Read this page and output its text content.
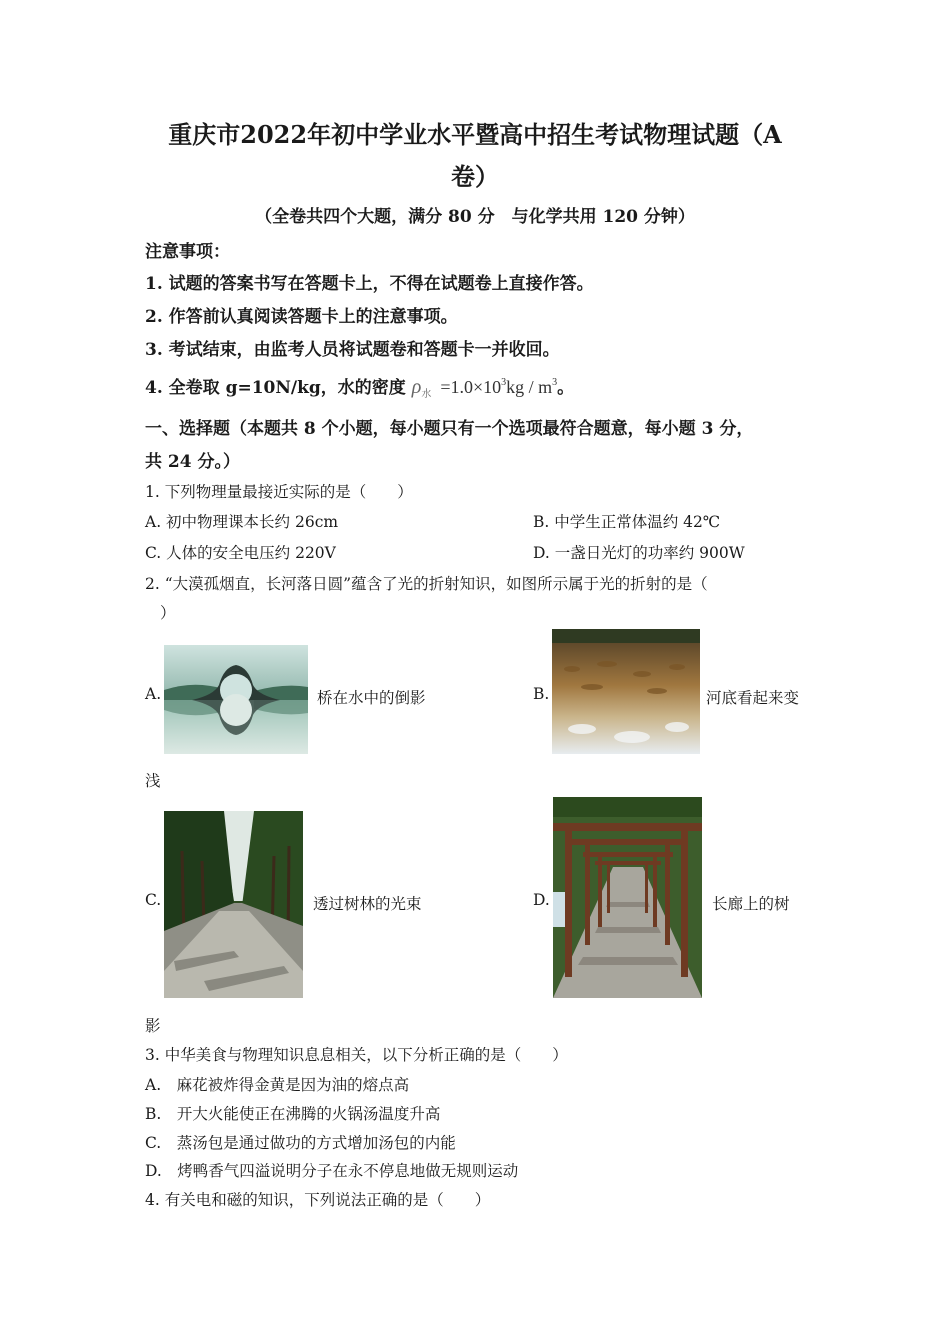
重庆市2022年初中学业水平暨高中招生考试物理试题（A
卷）
（全卷共四个大题，满分 80 分　与化学共用 120 分钟）
注意事项：
1. 试题的答案书写在答题卡上，不得在试题卷上直接作答。
2. 作答前认真阅读答题卡上的注意事项。
3. 考试结束，由监考人员将试题卷和答题卡一并收回。
4. 全卷取 g=10N/kg，水的密度 $\rho_水 =1.0\times 10^3kg / m^3$。
一、选择题（本题共 8 个小题，每小题只有一个选项最符合题意，每小题 3 分，
共 24 分。）
1. 下列物理量最接近实际的是（　　）
A. 初中物理课本长约 26cm	B. 中学生正常体温约 42℃
C. 人体的安全电压约 220V	D. 一盏日光灯的功率约 900W
2. “大漠孤烟直，长河落日圆”蕴含了光的折射知识，如图所示属于光的折射的是（
）
A.	桥在水中的倒影	B.	河底看起来变
浅
C.	透过树林的光束	D.	长廊上的树
影
3. 中华美食与物理知识息息相关，以下分析正确的是（　　）
A.　麻花被炸得金黄是因为油的熔点高
B.　开大火能使正在沸腾的火锅汤温度升高
C.　蒸汤包是通过做功的方式增加汤包的内能
D.　烤鸭香气四溢说明分子在永不停息地做无规则运动
4. 有关电和磁的知识，下列说法正确的是（　　）
